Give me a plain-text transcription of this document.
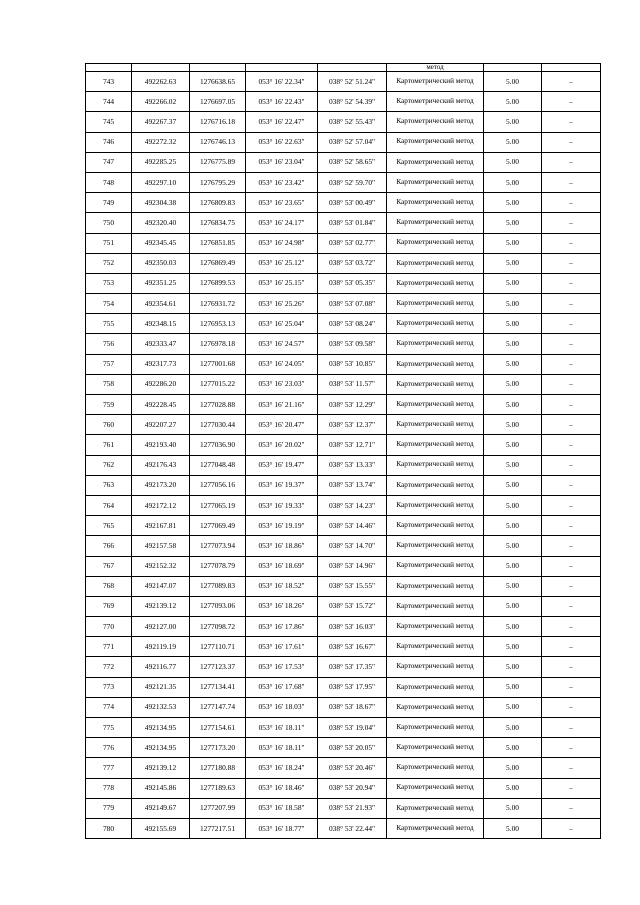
					метод		
743	492262.63	1276638.65	053° 16' 22.34"	038° 52' 51.24"	Картометрический метод	5.00	–
744	492266.02	1276697.05	053° 16' 22.43"	038° 52' 54.39"	Картометрический метод	5.00	–
745	492267.37	1276716.18	053° 16' 22.47"	038° 52' 55.43"	Картометрический метод	5.00	–
746	492272.32	1276746.13	053° 16' 22.63"	038° 52' 57.04"	Картометрический метод	5.00	–
747	492285.25	1276775.89	053° 16' 23.04"	038° 52' 58.65"	Картометрический метод	5.00	–
748	492297.10	1276795.29	053° 16' 23.42"	038° 52' 59.70"	Картометрический метод	5.00	–
749	492304.38	1276809.83	053° 16' 23.65"	038° 53' 00.49"	Картометрический метод	5.00	–
750	492320.40	1276834.75	053° 16' 24.17"	038° 53' 01.84"	Картометрический метод	5.00	–
751	492345.45	1276851.85	053° 16' 24.98"	038° 53' 02.77"	Картометрический метод	5.00	–
752	492350.03	1276869.49	053° 16' 25.12"	038° 53' 03.72"	Картометрический метод	5.00	–
753	492351.25	1276899.53	053° 16' 25.15"	038° 53' 05.35"	Картометрический метод	5.00	–
754	492354.61	1276931.72	053° 16' 25.26"	038° 53' 07.08"	Картометрический метод	5.00	–
755	492348.15	1276953.13	053° 16' 25.04"	038° 53' 08.24"	Картометрический метод	5.00	–
756	492333.47	1276978.18	053° 16' 24.57"	038° 53' 09.58"	Картометрический метод	5.00	–
757	492317.73	1277001.68	053° 16' 24.05"	038° 53' 10.85"	Картометрический метод	5.00	–
758	492286.20	1277015.22	053° 16' 23.03"	038° 53' 11.57"	Картометрический метод	5.00	–
759	492228.45	1277028.88	053° 16' 21.16"	038° 53' 12.29"	Картометрический метод	5.00	–
760	492207.27	1277030.44	053° 16' 20.47"	038° 53' 12.37"	Картометрический метод	5.00	–
761	492193.40	1277036.90	053° 16' 20.02"	038° 53' 12.71"	Картометрический метод	5.00	–
762	492176.43	1277048.48	053° 16' 19.47"	038° 53' 13.33"	Картометрический метод	5.00	–
763	492173.20	1277056.16	053° 16' 19.37"	038° 53' 13.74"	Картометрический метод	5.00	–
764	492172.12	1277065.19	053° 16' 19.33"	038° 53' 14.23"	Картометрический метод	5.00	–
765	492167.81	1277069.49	053° 16' 19.19"	038° 53' 14.46"	Картометрический метод	5.00	–
766	492157.58	1277073.94	053° 16' 18.86"	038° 53' 14.70"	Картометрический метод	5.00	–
767	492152.32	1277078.79	053° 16' 18.69"	038° 53' 14.96"	Картометрический метод	5.00	–
768	492147.07	1277089.83	053° 16' 18.52"	038° 53' 15.55"	Картометрический метод	5.00	–
769	492139.12	1277093.06	053° 16' 18.26"	038° 53' 15.72"	Картометрический метод	5.00	–
770	492127.00	1277098.72	053° 16' 17.86"	038° 53' 16.03"	Картометрический метод	5.00	–
771	492119.19	1277110.71	053° 16' 17.61"	038° 53' 16.67"	Картометрический метод	5.00	–
772	492116.77	1277123.37	053° 16' 17.53"	038° 53' 17.35"	Картометрический метод	5.00	–
773	492121.35	1277134.41	053° 16' 17.68"	038° 53' 17.95"	Картометрический метод	5.00	–
774	492132.53	1277147.74	053° 16' 18.03"	038° 53' 18.67"	Картометрический метод	5.00	–
775	492134.95	1277154.61	053° 16' 18.11"	038° 53' 19.04"	Картометрический метод	5.00	–
776	492134.95	1277173.20	053° 16' 18.11"	038° 53' 20.05"	Картометрический метод	5.00	–
777	492139.12	1277180.88	053° 16' 18.24"	038° 53' 20.46"	Картометрический метод	5.00	–
778	492145.86	1277189.63	053° 16' 18.46"	038° 53' 20.94"	Картометрический метод	5.00	–
779	492149.67	1277207.99	053° 16' 18.58"	038° 53' 21.93"	Картометрический метод	5.00	–
780	492155.69	1277217.51	053° 16' 18.77"	038° 53' 22.44"	Картометрический метод	5.00	–
